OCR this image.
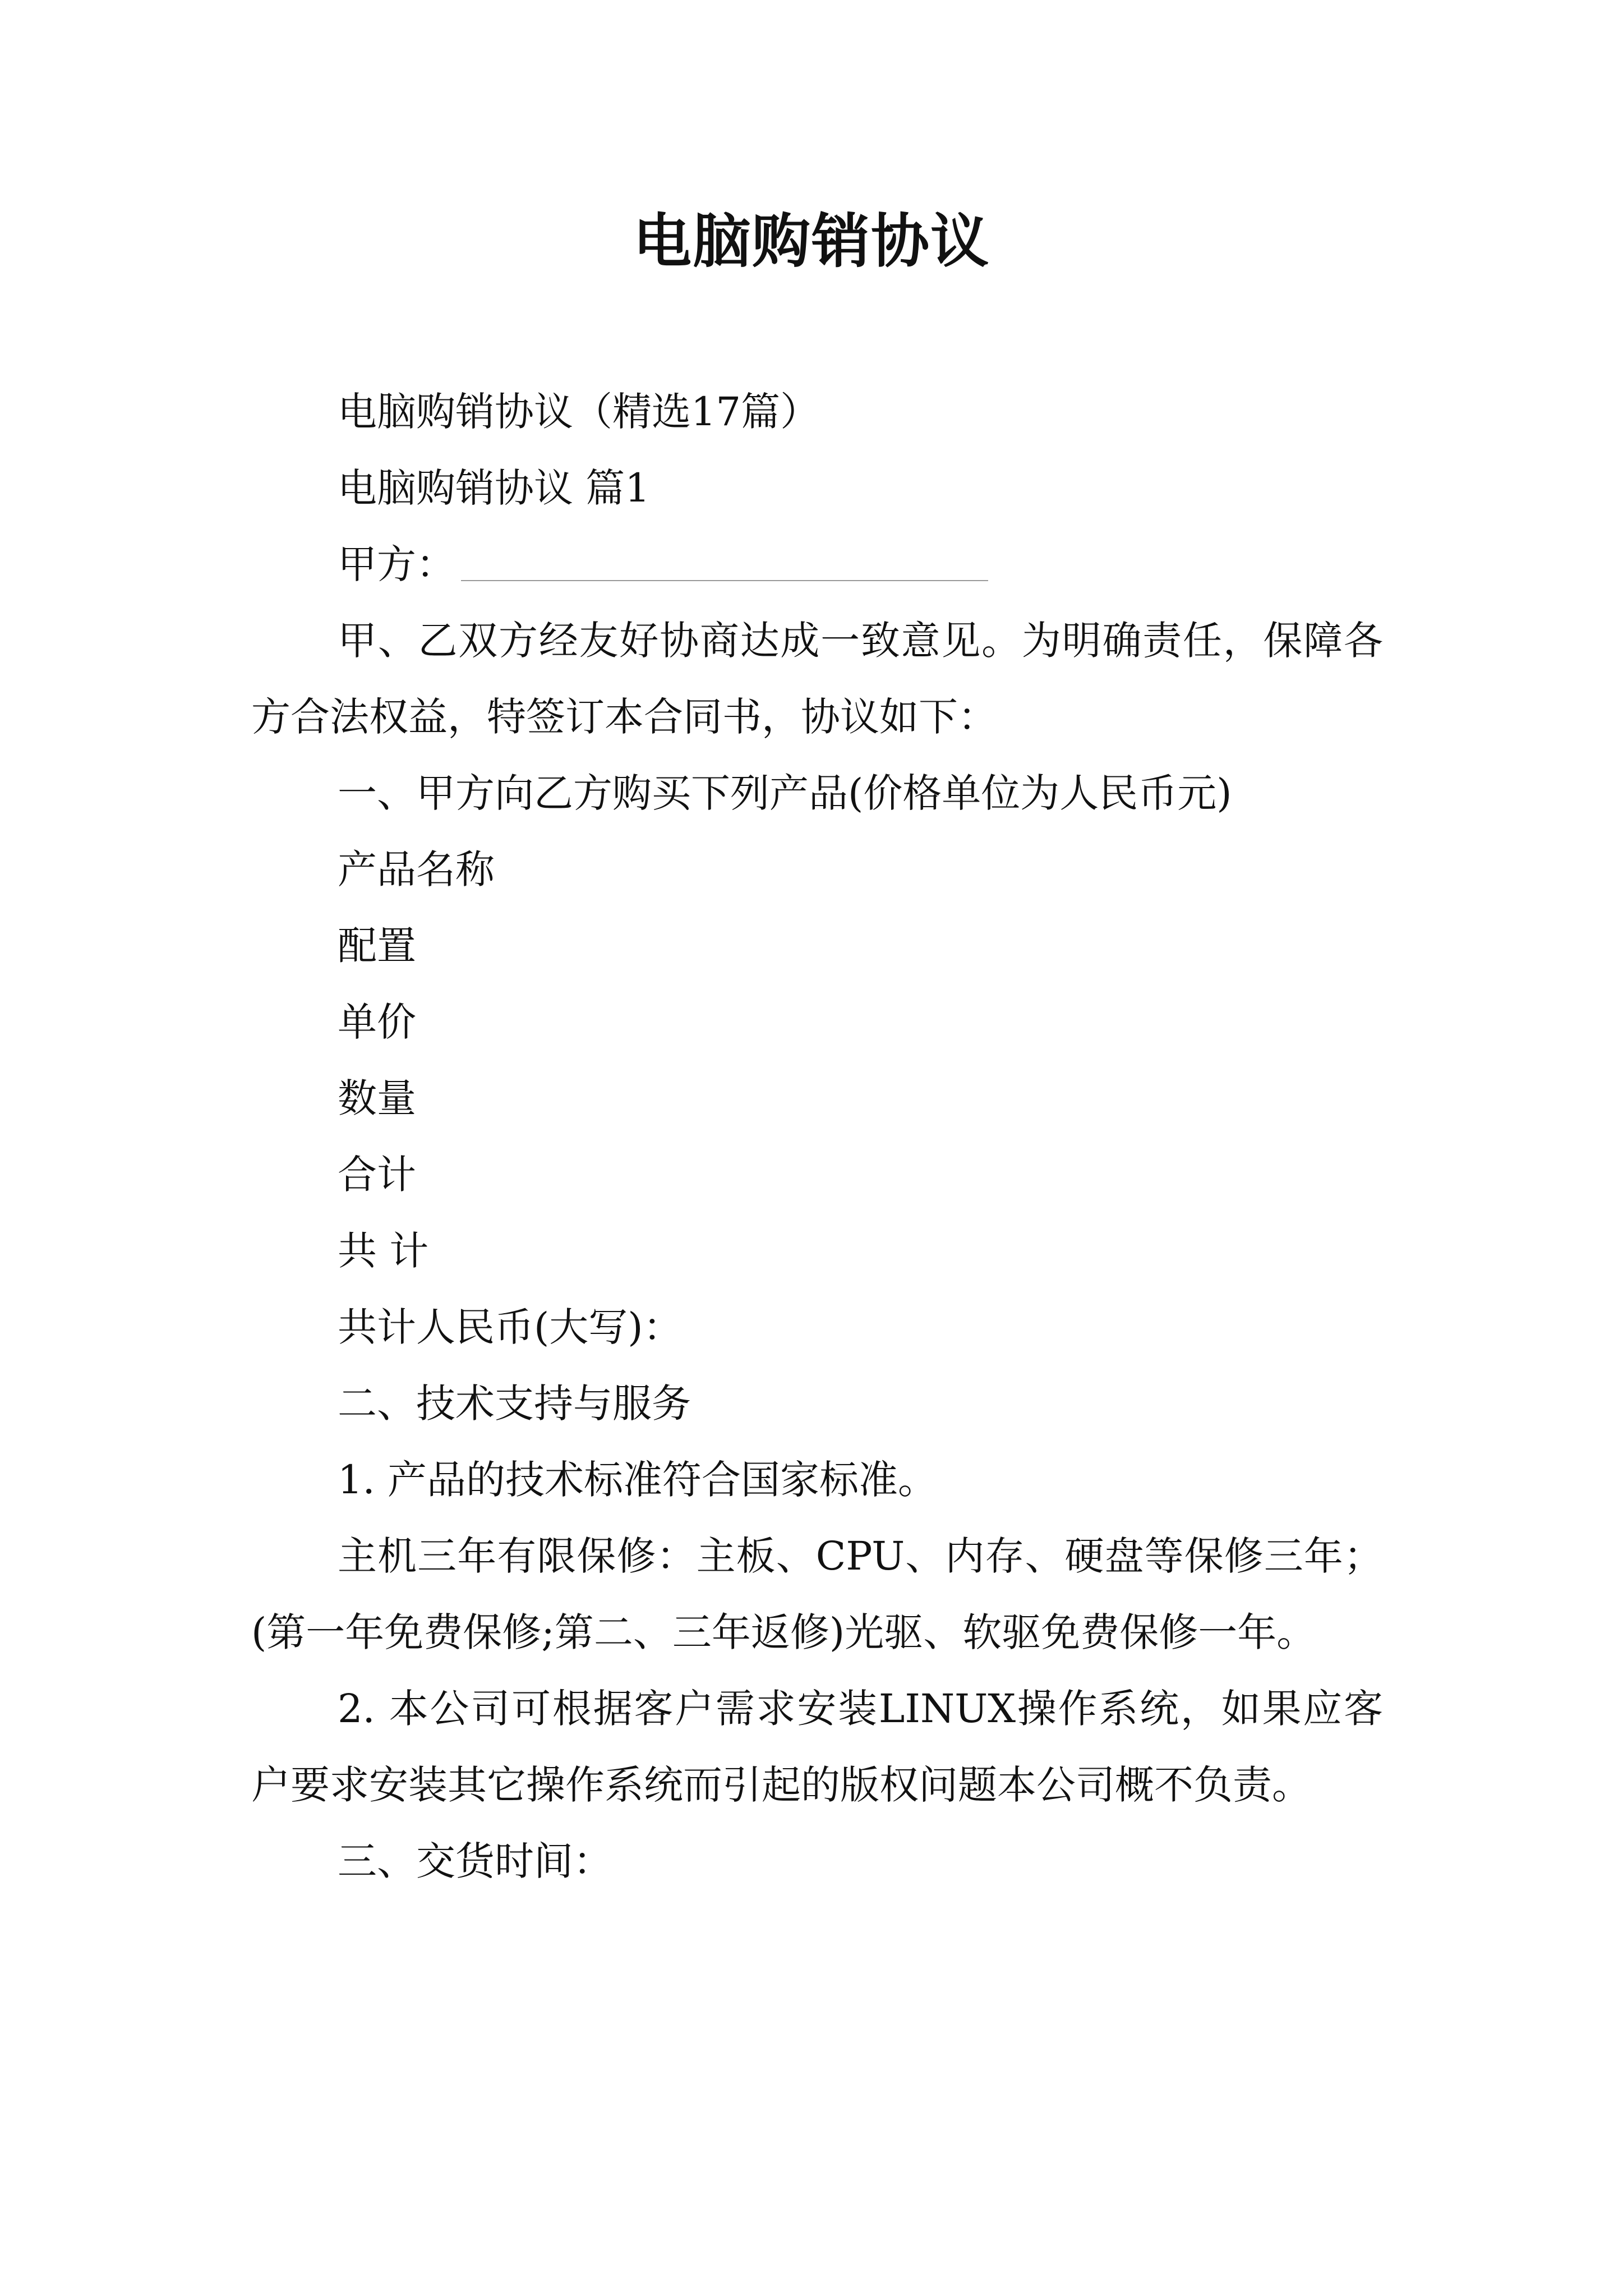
电脑购销协议

电脑购销协议（精选17篇）

电脑购销协议 篇1

甲方：

甲、乙双方经友好协商达成一致意见。为明确责任，保障各方合法权益，特签订本合同书，协议如下：

一、甲方向乙方购买下列产品(价格单位为人民币元)

产品名称

配置

单价

数量

合计

共 计

共计人民币(大写)：

二、技术支持与服务

1. 产品的技术标准符合国家标准。

主机三年有限保修：主板、CPU、内存、硬盘等保修三年；(第一年免费保修;第二、三年返修)光驱、软驱免费保修一年。

2. 本公司可根据客户需求安装LINUX操作系统，如果应客户要求安装其它操作系统而引起的版权问题本公司概不负责。

三、交货时间：
